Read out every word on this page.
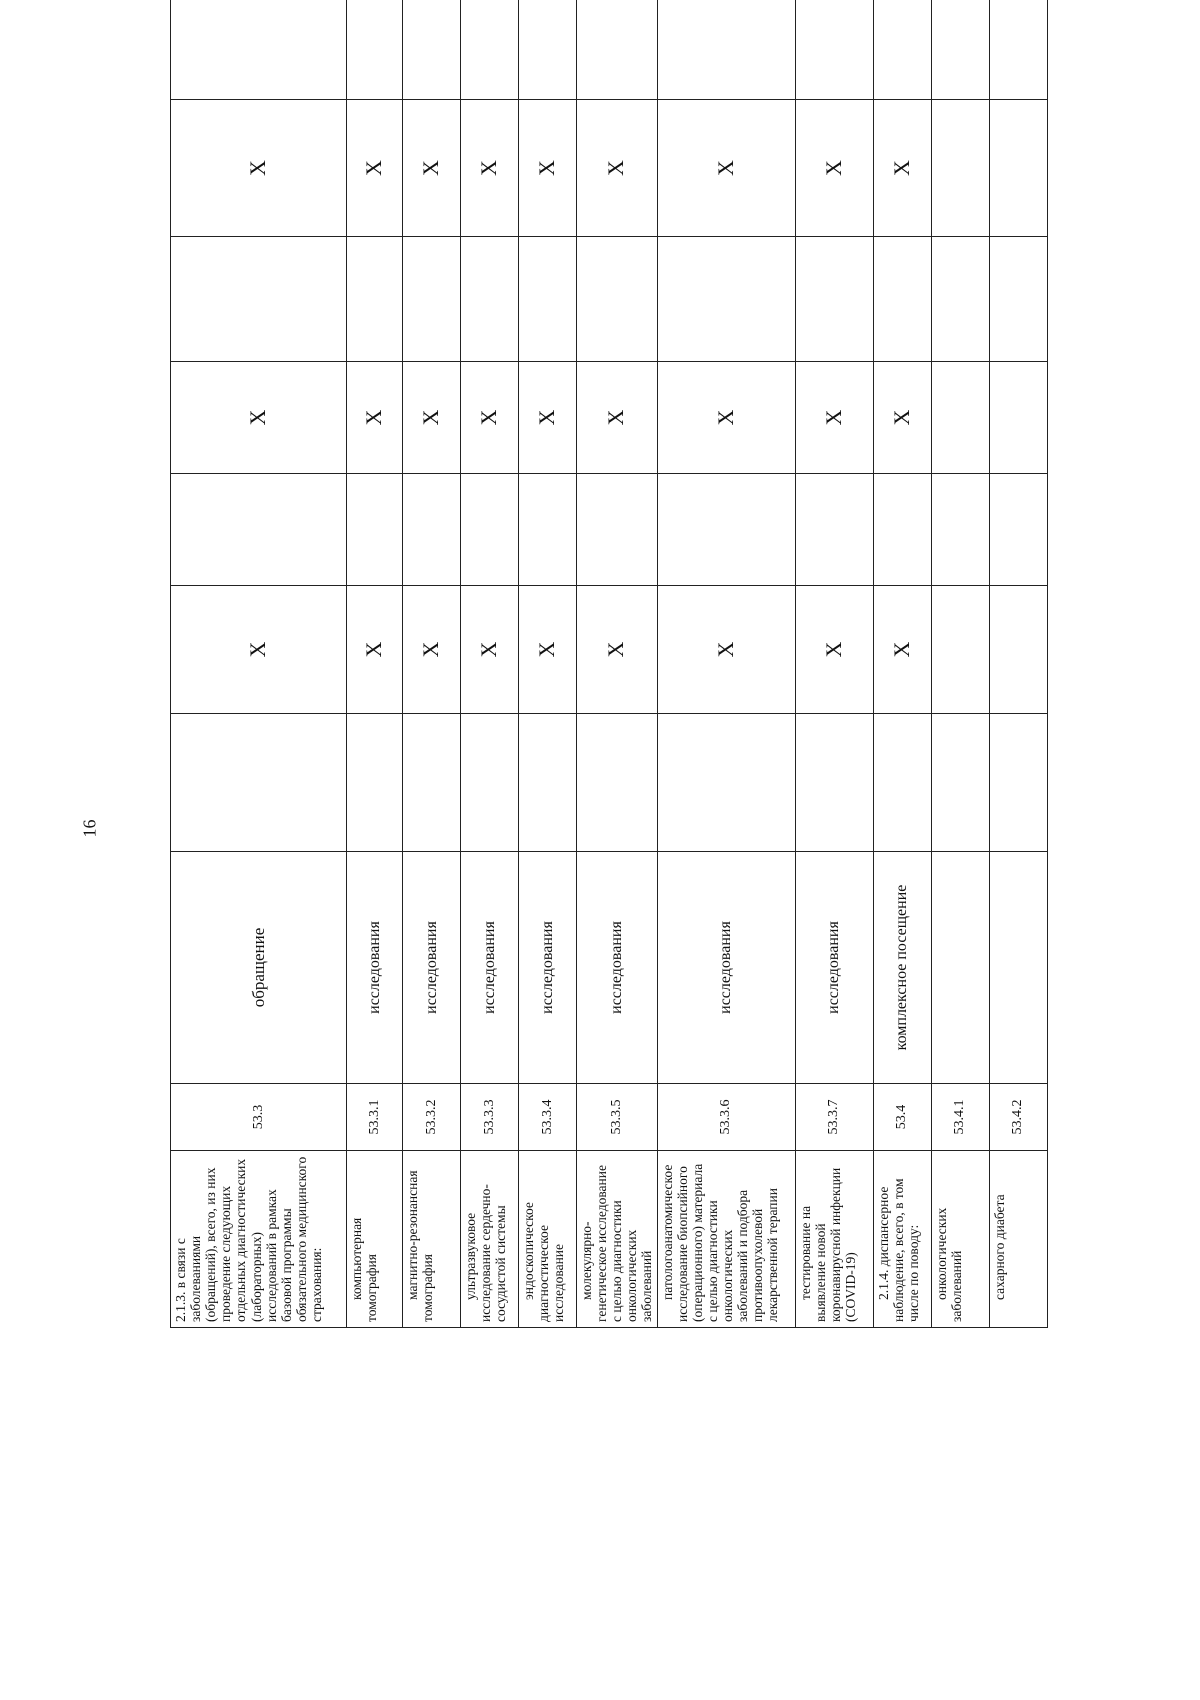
16
2.1.3. в связи с заболеваниями (обращений), всего, из них проведение следующих отдельных диагностических (лабораторных) исследований в рамках базовой программы обязательного медицинского страхования:	53.3	обращение		X		X		X	
компьютерная томография	53.3.1	исследования		X		X		X	
магнитно-резонансная томография	53.3.2	исследования		X		X		X	
ультразвуковое исследование сердечно-сосудистой системы	53.3.3	исследования		X		X		X	
эндоскопическое диагностическое исследование	53.3.4	исследования		X		X		X	
молекулярно-генетическое исследование с целью диагностики онкологических заболеваний	53.3.5	исследования		X		X		X	
патологоанатомическое исследование биопсийного (операционного) материала с целью диагностики онкологических заболеваний и подбора противоопухолевой лекарственной терапии	53.3.6	исследования		X		X		X	
тестирование на выявление новой коронавирусной инфекции (COVID-19)	53.3.7	исследования		X		X		X	
2.1.4. диспансерное наблюдение, всего, в том числе по поводу:	53.4	комплексное посещение		X		X		X	
онкологических заболеваний	53.4.1								
сахарного диабета	53.4.2								
